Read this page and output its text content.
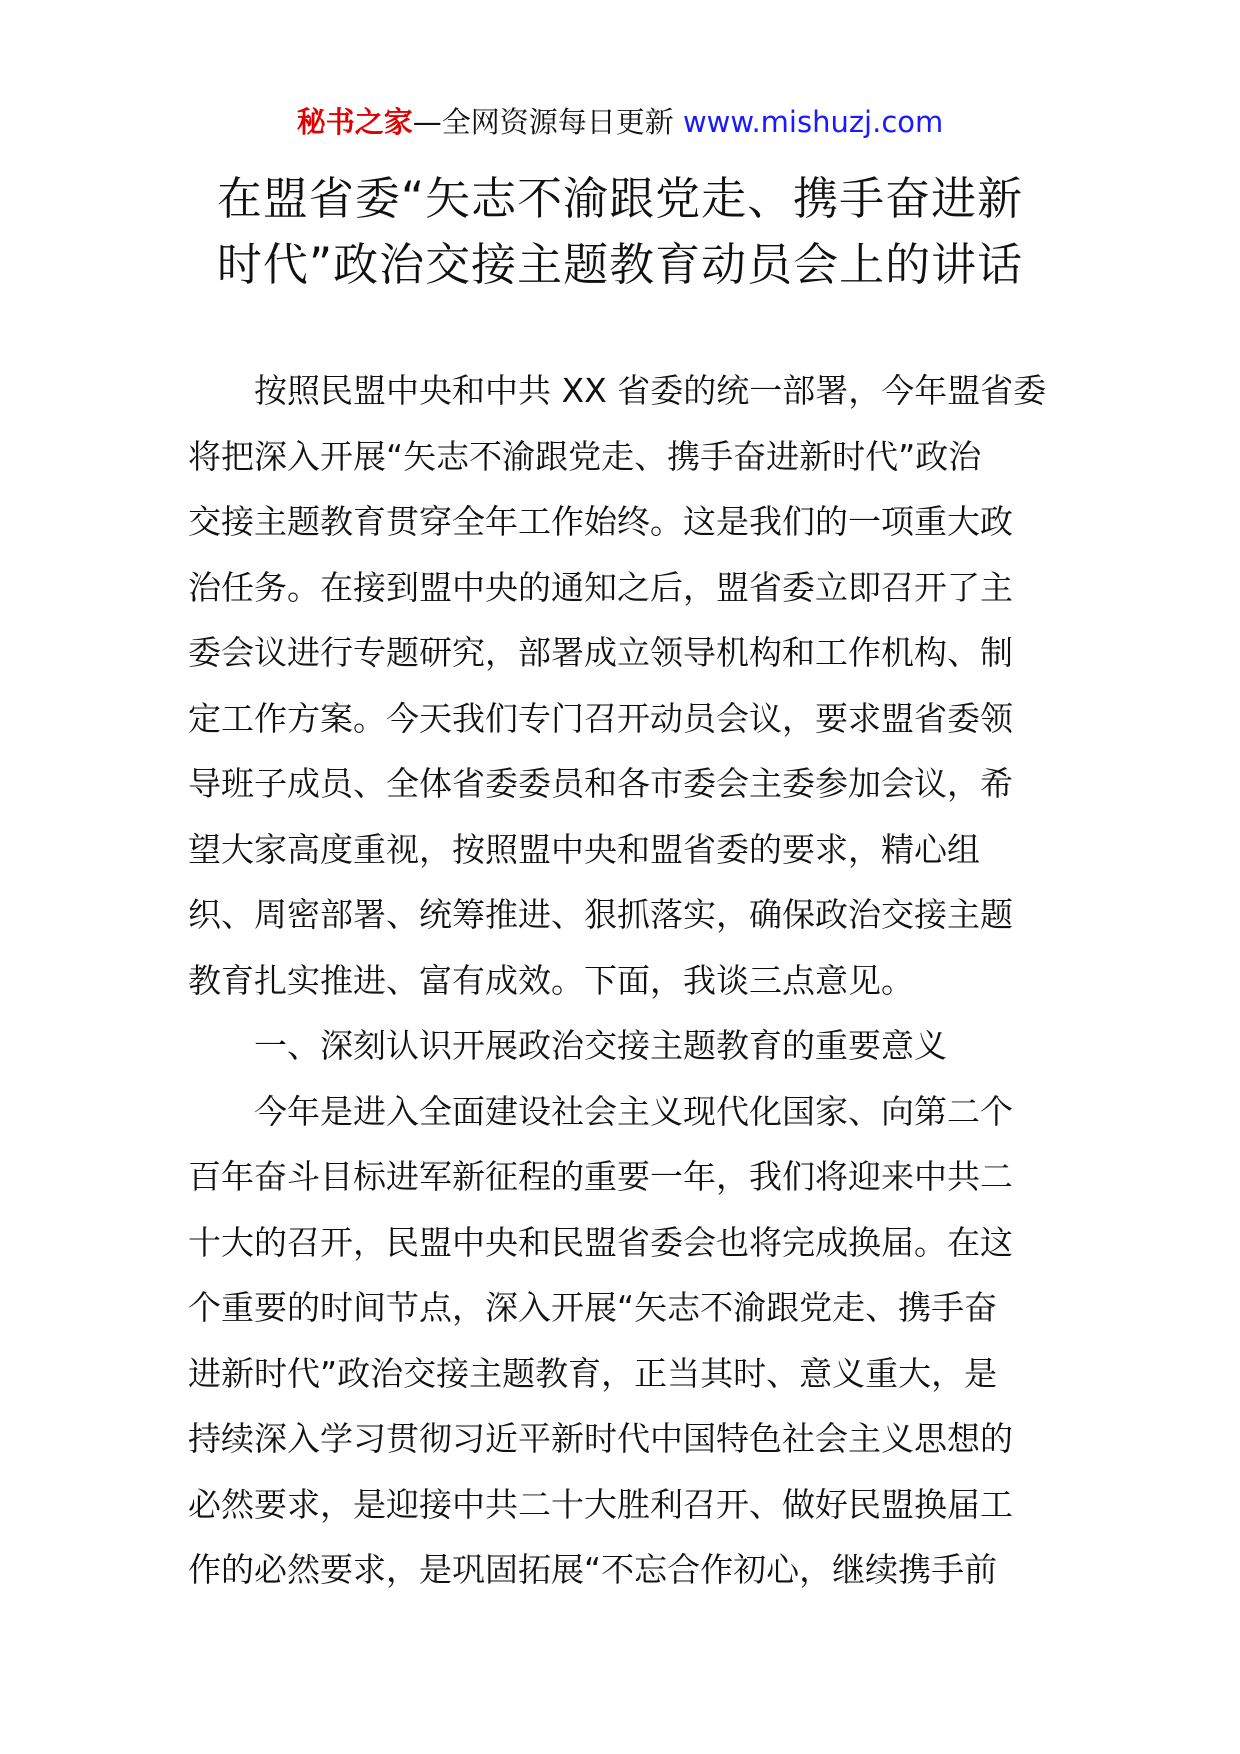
秘书之家—全网资源每日更新 www.mishuzj.com
在盟省委“矢志不渝跟党走、携手奋进新
时代”政治交接主题教育动员会上的讲话
按照民盟中央和中共 XX 省委的统一部署，今年盟省委
将把深入开展“矢志不渝跟党走、携手奋进新时代”政治
交接主题教育贯穿全年工作始终。这是我们的一项重大政
治任务。在接到盟中央的通知之后，盟省委立即召开了主
委会议进行专题研究，部署成立领导机构和工作机构、制
定工作方案。今天我们专门召开动员会议，要求盟省委领
导班子成员、全体省委委员和各市委会主委参加会议，希
望大家高度重视，按照盟中央和盟省委的要求，精心组
织、周密部署、统筹推进、狠抓落实，确保政治交接主题
教育扎实推进、富有成效。下面，我谈三点意见。
一、深刻认识开展政治交接主题教育的重要意义
今年是进入全面建设社会主义现代化国家、向第二个
百年奋斗目标进军新征程的重要一年，我们将迎来中共二
十大的召开，民盟中央和民盟省委会也将完成换届。在这
个重要的时间节点，深入开展“矢志不渝跟党走、携手奋
进新时代”政治交接主题教育，正当其时、意义重大，是
持续深入学习贯彻习近平新时代中国特色社会主义思想的
必然要求，是迎接中共二十大胜利召开、做好民盟换届工
作的必然要求，是巩固拓展“不忘合作初心，继续携手前
